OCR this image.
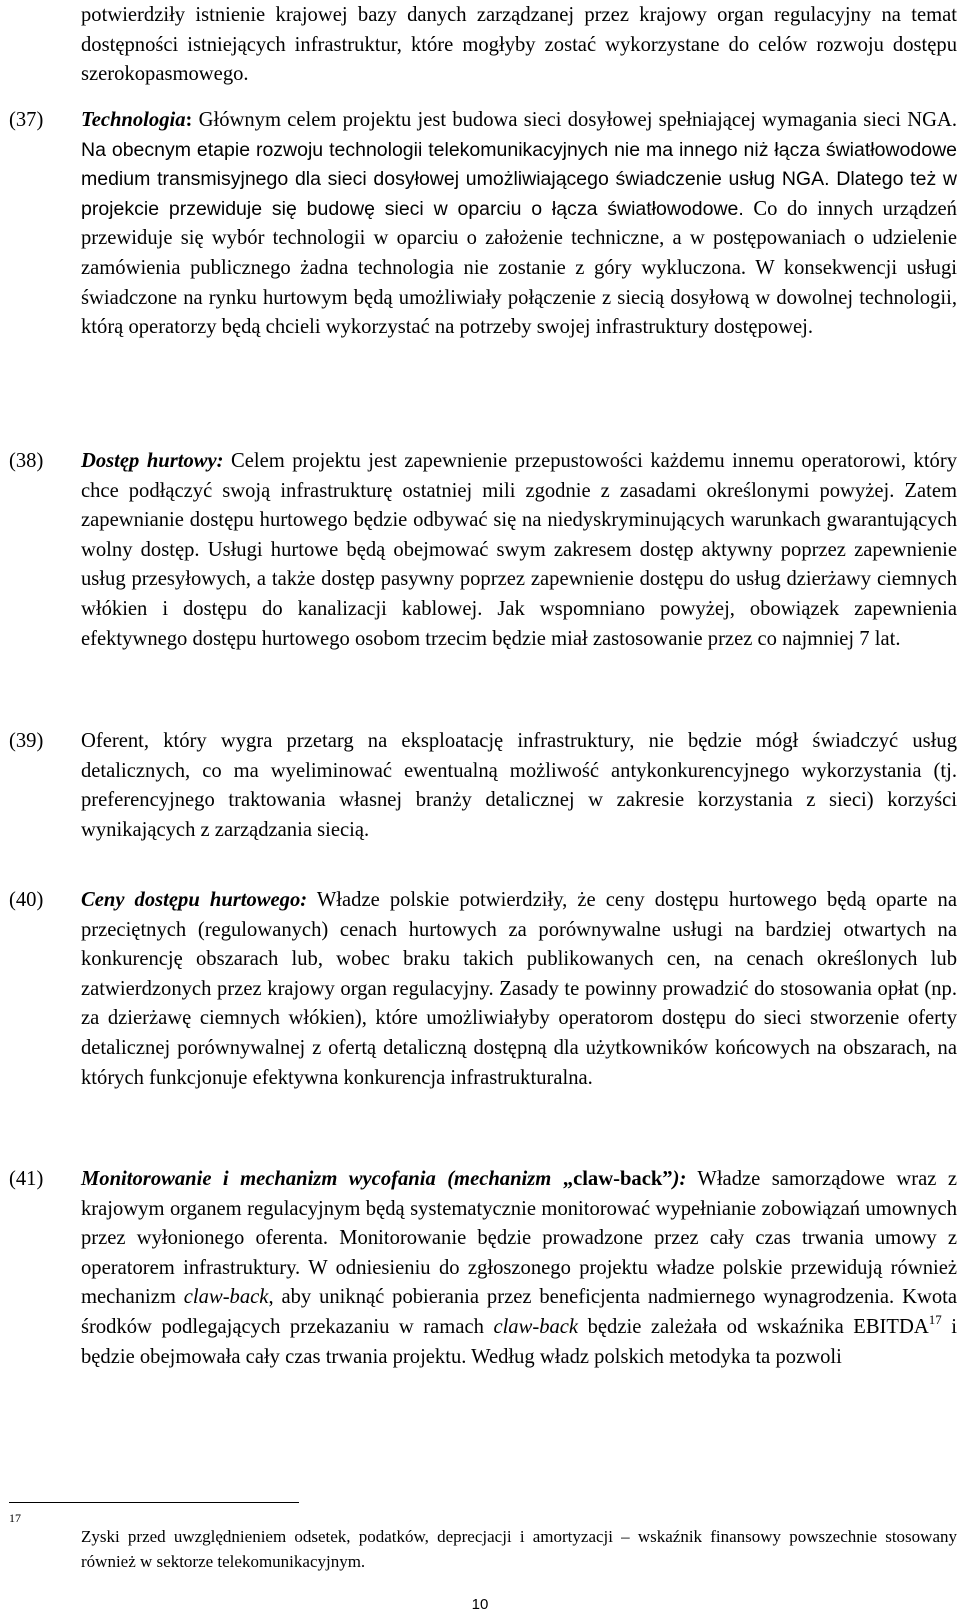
potwierdziły istnienie krajowej bazy danych zarządzanej przez krajowy organ regulacyjny na temat dostępności istniejących infrastruktur, które mogłyby zostać wykorzystane do celów rozwoju dostępu szerokopasmowego.
(37) Technologia: Głównym celem projektu jest budowa sieci dosyłowej spełniającej wymagania sieci NGA. Na obecnym etapie rozwoju technologii telekomunikacyjnych nie ma innego niż łącza światłowodowe medium transmisyjnego dla sieci dosyłowej umożliwiającego świadczenie usług NGA. Dlatego też w projekcie przewiduje się budowę sieci w oparciu o łącza światłowodowe. Co do innych urządzeń przewiduje się wybór technologii w oparciu o założenie techniczne, a w postępowaniach o udzielenie zamówienia publicznego żadna technologia nie zostanie z góry wykluczona. W konsekwencji usługi świadczone na rynku hurtowym będą umożliwiały połączenie z siecią dosyłową w dowolnej technologii, którą operatorzy będą chcieli wykorzystać na potrzeby swojej infrastruktury dostępowej.
(38) Dostęp hurtowy: Celem projektu jest zapewnienie przepustowości każdemu innemu operatorowi, który chce podłączyć swoją infrastrukturę ostatniej mili zgodnie z zasadami określonymi powyżej. Zatem zapewnianie dostępu hurtowego będzie odbywać się na niedyskryminujących warunkach gwarantujących wolny dostęp. Usługi hurtowe będą obejmować swym zakresem dostęp aktywny poprzez zapewnienie usług przesyłowych, a także dostęp pasywny poprzez zapewnienie dostępu do usług dzierżawy ciemnych włókien i dostępu do kanalizacji kablowej. Jak wspomniano powyżej, obowiązek zapewnienia efektywnego dostępu hurtowego osobom trzecim będzie miał zastosowanie przez co najmniej 7 lat.
(39) Oferent, który wygra przetarg na eksploatację infrastruktury, nie będzie mógł świadczyć usług detalicznych, co ma wyeliminować ewentualną możliwość antykonkurencyjnego wykorzystania (tj. preferencyjnego traktowania własnej branży detalicznej w zakresie korzystania z sieci) korzyści wynikających z zarządzania siecią.
(40) Ceny dostępu hurtowego: Władze polskie potwierdziły, że ceny dostępu hurtowego będą oparte na przeciętnych (regulowanych) cenach hurtowych za porównywalne usługi na bardziej otwartych na konkurencję obszarach lub, wobec braku takich publikowanych cen, na cenach określonych lub zatwierdzonych przez krajowy organ regulacyjny. Zasady te powinny prowadzić do stosowania opłat (np. za dzierżawę ciemnych włókien), które umożliwiałyby operatorom dostępu do sieci stworzenie oferty detalicznej porównywalnej z ofertą detaliczną dostępną dla użytkowników końcowych na obszarach, na których funkcjonuje efektywna konkurencja infrastrukturalna.
(41) Monitorowanie i mechanizm wycofania (mechanizm „claw-back”): Władze samorządowe wraz z krajowym organem regulacyjnym będą systematycznie monitorować wypełnianie zobowiązań umownych przez wyłonionego oferenta. Monitorowanie będzie prowadzone przez cały czas trwania umowy z operatorem infrastruktury. W odniesieniu do zgłoszonego projektu władze polskie przewidują również mechanizm claw-back, aby uniknąć pobierania przez beneficjenta nadmiernego wynagrodzenia. Kwota środków podlegających przekazaniu w ramach claw-back będzie zależała od wskaźnika EBITDA$^{17}$ i będzie obejmowała cały czas trwania projektu. Według władz polskich metodyka ta pozwoli
17
Zyski przed uwzględnieniem odsetek, podatków, deprecjacji i amortyzacji – wskaźnik finansowy powszechnie stosowany również w sektorze telekomunikacyjnym.
10
